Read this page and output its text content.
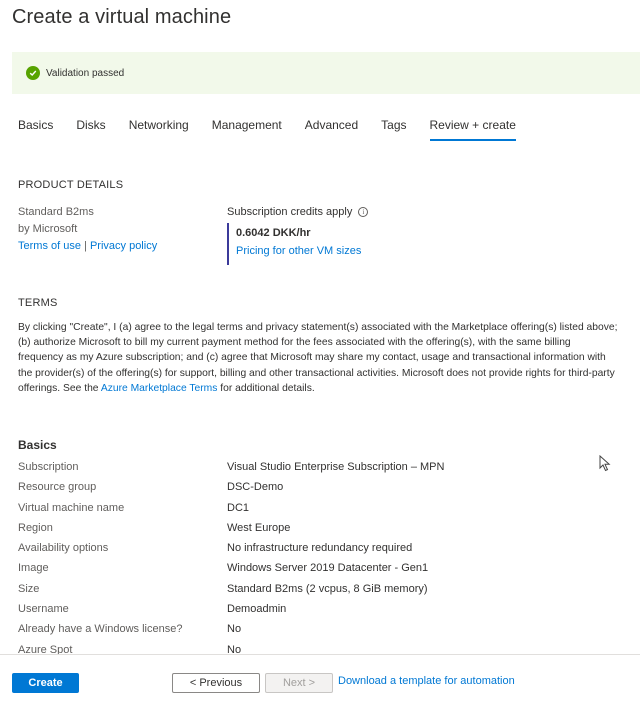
Create a virtual machine
Validation passed
Basics Disks Networking Management Advanced Tags Review + create
PRODUCT DETAILS
Standard B2ms
by Microsoft
Terms of use | Privacy policy
Subscription credits apply	i
0.6042 DKK/hr
Pricing for other VM sizes
TERMS
By clicking "Create", I (a) agree to the legal terms and privacy statement(s) associated with the Marketplace offering(s) listed above; (b) authorize Microsoft to bill my current payment method for the fees associated with the offering(s), with the same billing frequency as my Azure subscription; and (c) agree that Microsoft may share my contact, usage and transactional information with the provider(s) of the offering(s) for support, billing and other transactional activities. Microsoft does not provide rights for third-party offerings. See the Azure Marketplace Terms for additional details.
Basics
Subscription	Visual Studio Enterprise Subscription – MPN
Resource group	DSC-Demo
Virtual machine name	DC1
Region	West Europe
Availability options	No infrastructure redundancy required
Image	Windows Server 2019 Datacenter - Gen1
Size	Standard B2ms (2 vcpus, 8 GiB memory)
Username	Demoadmin
Already have a Windows license?	No
Azure Spot	No
Create	< Previous	Next >	Download a template for automation
